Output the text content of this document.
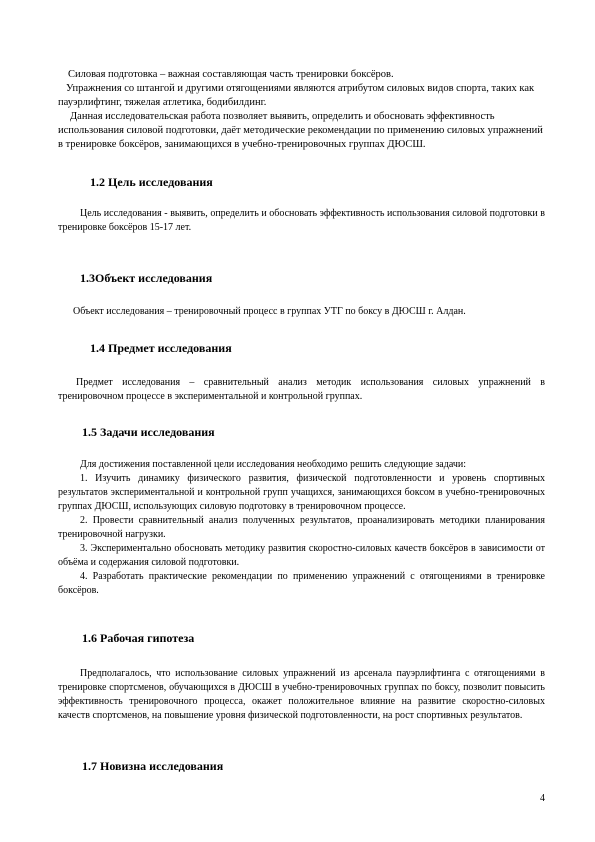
Силовая подготовка – важная составляющая часть тренировки боксёров.

Упражнения со штангой и другими отягощениями являются атрибутом силовых видов спорта, таких как пауэрлифтинг, тяжелая атлетика, бодибилдинг.

Данная исследовательская работа позволяет выявить, определить и обосновать эффективность использования силовой подготовки, даёт методические рекомендации по применению силовых упражнений в тренировке боксёров, занимающихся в учебно-тренировочных группах ДЮСШ.

1.2 Цель исследования

Цель исследования - выявить, определить и обосновать эффективность использования силовой подготовки в тренировке боксёров 15-17 лет.

1.3Объект исследования

Объект исследования – тренировочный процесс в группах УТГ по боксу в ДЮСШ г. Алдан.

1.4 Предмет исследования

Предмет исследования – сравнительный анализ методик использования силовых упражнений в тренировочном процессе в экспериментальной и контрольной группах.

1.5 Задачи исследования

Для достижения поставленной цели исследования необходимо решить следующие задачи:

1. Изучить динамику физического развития, физической подготовленности и уровень спортивных результатов экспериментальной и контрольной групп учащихся, занимающихся боксом в учебно-тренировочных группах ДЮСШ, использующих силовую подготовку в тренировочном процессе.

2. Провести сравнительный анализ полученных результатов, проанализировать методики планирования тренировочной нагрузки.

3. Экспериментально обосновать методику развития скоростно-силовых качеств боксёров в зависимости от объёма и содержания силовой подготовки.

4. Разработать практические рекомендации по применению упражнений с отягощениями в тренировке боксёров.

1.6 Рабочая гипотеза

Предполагалось, что использование силовых упражнений из арсенала пауэрлифтинга с отягощениями в тренировке спортсменов, обучающихся в ДЮСШ в учебно-тренировочных группах по боксу, позволит повысить эффективность тренировочного процесса, окажет положительное влияние на развитие скоростно-силовых качеств спортсменов, на повышение уровня физической подготовленности, на рост спортивных результатов.

1.7 Новизна исследования
4
